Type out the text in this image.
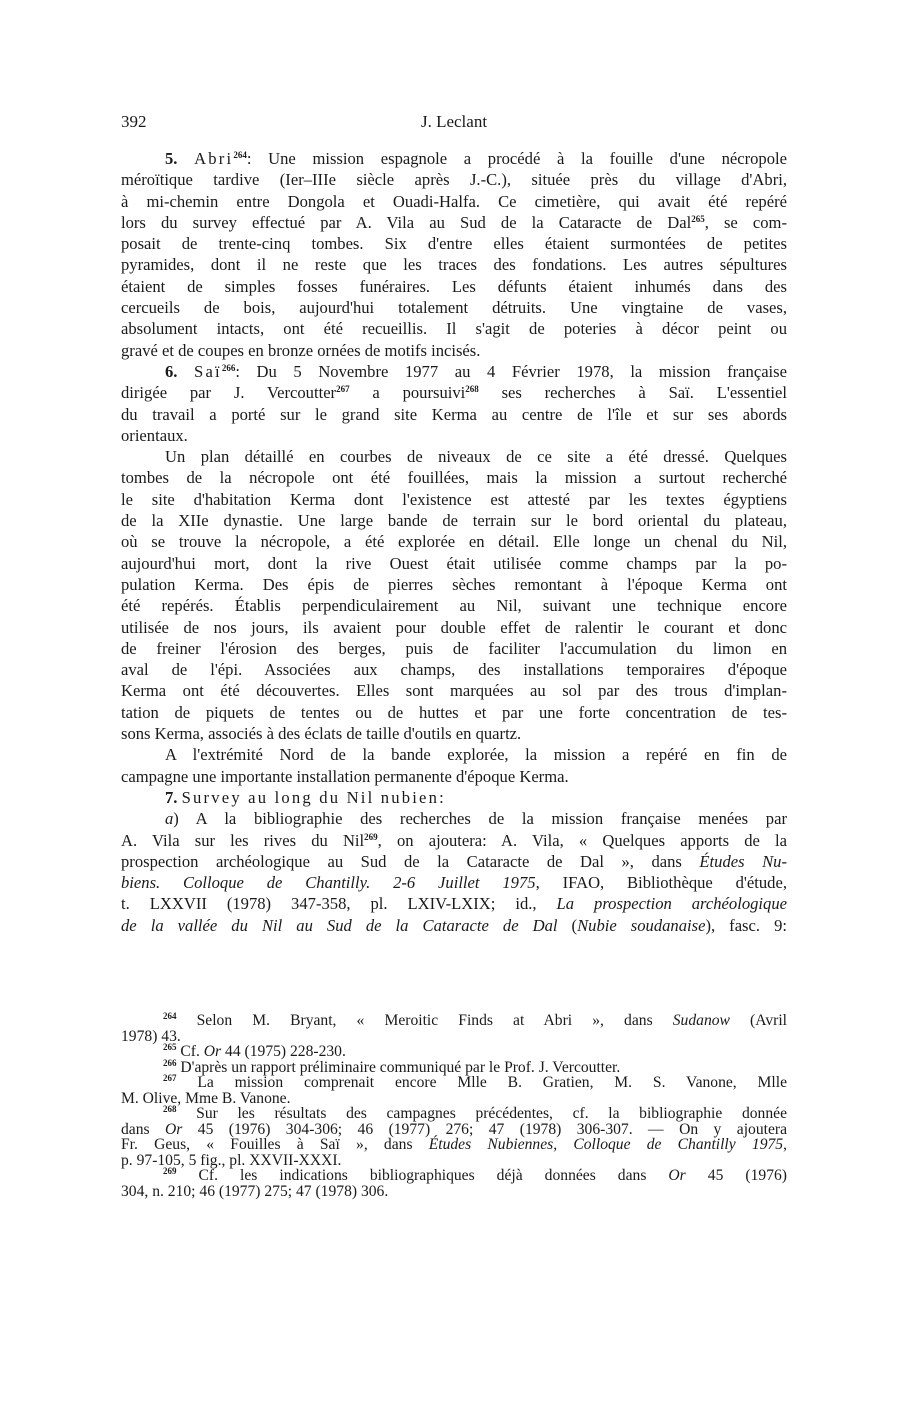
392	J. Leclant
5. Abri$^{264}$: Une mission espagnole a procédé à la fouille d'une nécropole
méroïtique tardive (Ier–IIIe siècle après J.-C.), située près du village d'Abri,
à mi-chemin entre Dongola et Ouadi-Halfa. Ce cimetière, qui avait été repéré
lors du survey effectué par A. Vila au Sud de la Cataracte de Dal$^{265}$, se com-
posait de trente-cinq tombes. Six d'entre elles étaient surmontées de petites
pyramides, dont il ne reste que les traces des fondations. Les autres sépultures
étaient de simples fosses funéraires. Les défunts étaient inhumés dans des
cercueils de bois, aujourd'hui totalement détruits. Une vingtaine de vases,
absolument intacts, ont été recueillis. Il s'agit de poteries à décor peint ou
gravé et de coupes en bronze ornées de motifs incisés.
6. Saï$^{266}$: Du 5 Novembre 1977 au 4 Février 1978, la mission française
dirigée par J. Vercoutter$^{267}$ a poursuivi$^{268}$ ses recherches à Saï. L'essentiel
du travail a porté sur le grand site Kerma au centre de l'île et sur ses abords
orientaux.
Un plan détaillé en courbes de niveaux de ce site a été dressé. Quelques
tombes de la nécropole ont été fouillées, mais la mission a surtout recherché
le site d'habitation Kerma dont l'existence est attesté par les textes égyptiens
de la XIIe dynastie. Une large bande de terrain sur le bord oriental du plateau,
où se trouve la nécropole, a été explorée en détail. Elle longe un chenal du Nil,
aujourd'hui mort, dont la rive Ouest était utilisée comme champs par la po-
pulation Kerma. Des épis de pierres sèches remontant à l'époque Kerma ont
été repérés. Établis perpendiculairement au Nil, suivant une technique encore
utilisée de nos jours, ils avaient pour double effet de ralentir le courant et donc
de freiner l'érosion des berges, puis de faciliter l'accumulation du limon en
aval de l'épi. Associées aux champs, des installations temporaires d'époque
Kerma ont été découvertes. Elles sont marquées au sol par des trous d'implan-
tation de piquets de tentes ou de huttes et par une forte concentration de tes-
sons Kerma, associés à des éclats de taille d'outils en quartz.
A l'extrémité Nord de la bande explorée, la mission a repéré en fin de
campagne une importante installation permanente d'époque Kerma.
7. Survey au long du Nil nubien:
a) A la bibliographie des recherches de la mission française menées par
A. Vila sur les rives du Nil$^{269}$, on ajoutera: A. Vila, « Quelques apports de la
prospection archéologique au Sud de la Cataracte de Dal », dans Études Nu-
biens. Colloque de Chantilly. 2-6 Juillet 1975, IFAO, Bibliothèque d'étude,
t. LXXVII (1978) 347-358, pl. LXIV-LXIX; id., La prospection archéologique
de la vallée du Nil au Sud de la Cataracte de Dal (Nubie soudanaise), fasc. 9:
$^{264}$ Selon M. Bryant, « Meroitic Finds at Abri », dans Sudanow (Avril
1978) 43.
$^{265}$ Cf. Or 44 (1975) 228-230.
$^{266}$ D'après un rapport préliminaire communiqué par le Prof. J. Vercoutter.
$^{267}$ La mission comprenait encore Mlle B. Gratien, M. S. Vanone, Mlle
M. Olive, Mme B. Vanone.
$^{268}$ Sur les résultats des campagnes précédentes, cf. la bibliographie donnée
dans Or 45 (1976) 304-306; 46 (1977) 276; 47 (1978) 306-307. — On y ajoutera
Fr. Geus, « Fouilles à Saï », dans Études Nubiennes, Colloque de Chantilly 1975,
p. 97-105, 5 fig., pl. XXVII-XXXI.
$^{269}$ Cf. les indications bibliographiques déjà données dans Or 45 (1976)
304, n. 210; 46 (1977) 275; 47 (1978) 306.
